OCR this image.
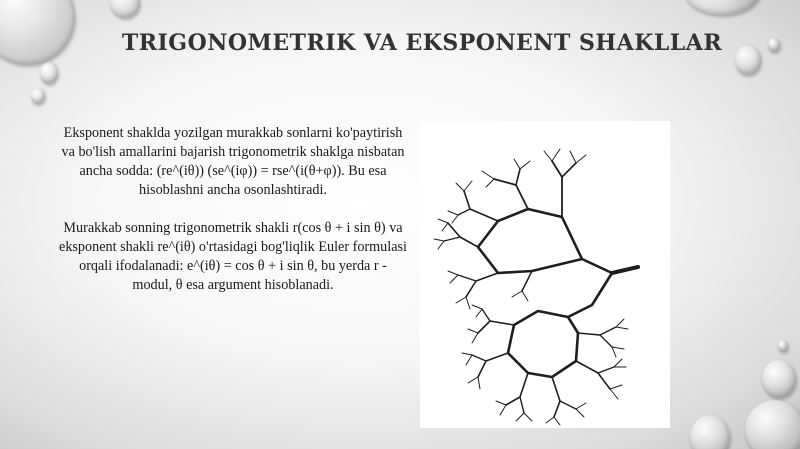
TRIGONOMETRIK VA EKSPONENT SHAKLLAR

Eksponent shaklda yozilgan murakkab sonlarni ko'paytirish va bo'lish amallarini bajarish trigonometrik shaklga nisbatan ancha sodda: (re^(iθ)) (se^(iφ)) = rse^(i(θ+φ)). Bu esa hisoblashni ancha osonlashtiradi.

Murakkab sonning trigonometrik shakli r(cos θ + i sin θ) va eksponent shakli re^(iθ) o'rtasidagi bog'liqlik Euler formulasi orqali ifodalanadi: e^(iθ) = cos θ + i sin θ, bu yerda r - modul, θ esa argument hisoblanadi.
